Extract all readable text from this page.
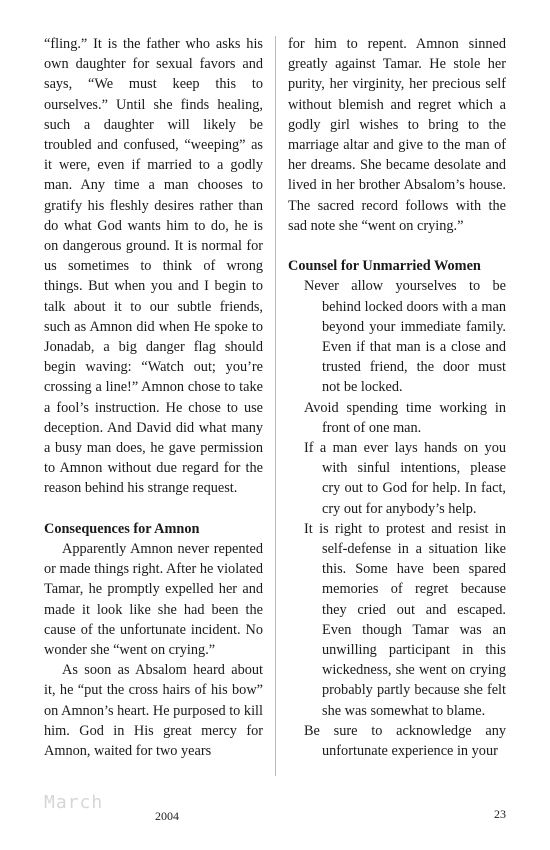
“fling.” It is the father who asks his own daughter for sexual favors and says, “We must keep this to ourselves.” Until she finds healing, such a daughter will likely be troubled and confused, “weeping” as it were, even if married to a godly man. Any time a man chooses to gratify his fleshly desires rather than do what God wants him to do, he is on dangerous ground. It is normal for us sometimes to think of wrong things. But when you and I begin to talk about it to our subtle friends, such as Amnon did when He spoke to Jonadab, a big danger flag should begin waving: “Watch out; you’re crossing a line!” Amnon chose to take a fool’s instruction. He chose to use deception. And David did what many a busy man does, he gave permission to Amnon without due regard for the reason behind his strange request.

Consequences for Amnon

Apparently Amnon never repented or made things right. After he violated Tamar, he promptly expelled her and made it look like she had been the cause of the unfortunate incident. No wonder she “went on crying.”

As soon as Absalom heard about it, he “put the cross hairs of his bow” on Amnon’s heart. He purposed to kill him. God in His great mercy for Amnon, waited for two years

for him to repent. Amnon sinned greatly against Tamar. He stole her purity, her virginity, her precious self without blemish and regret which a godly girl wishes to bring to the marriage altar and give to the man of her dreams. She became desolate and lived in her brother Absalom’s house. The sacred record follows with the sad note she “went on crying.”

Counsel for Unmarried Women
Never allow yourselves to be behind locked doors with a man beyond your immediate family. Even if that man is a close and trusted friend, the door must not be locked.
Avoid spending time working in front of one man.
If a man ever lays hands on you with sinful intentions, please cry out to God for help. In fact, cry out for anybody’s help.
It is right to protest and resist in self-defense in a situation like this. Some have been spared memories of regret because they cried out and escaped. Even though Tamar was an unwilling participant in this wickedness, she went on crying probably partly because she felt she was somewhat to blame.
Be sure to acknowledge any unfortunate experience in your
March
2004	23
